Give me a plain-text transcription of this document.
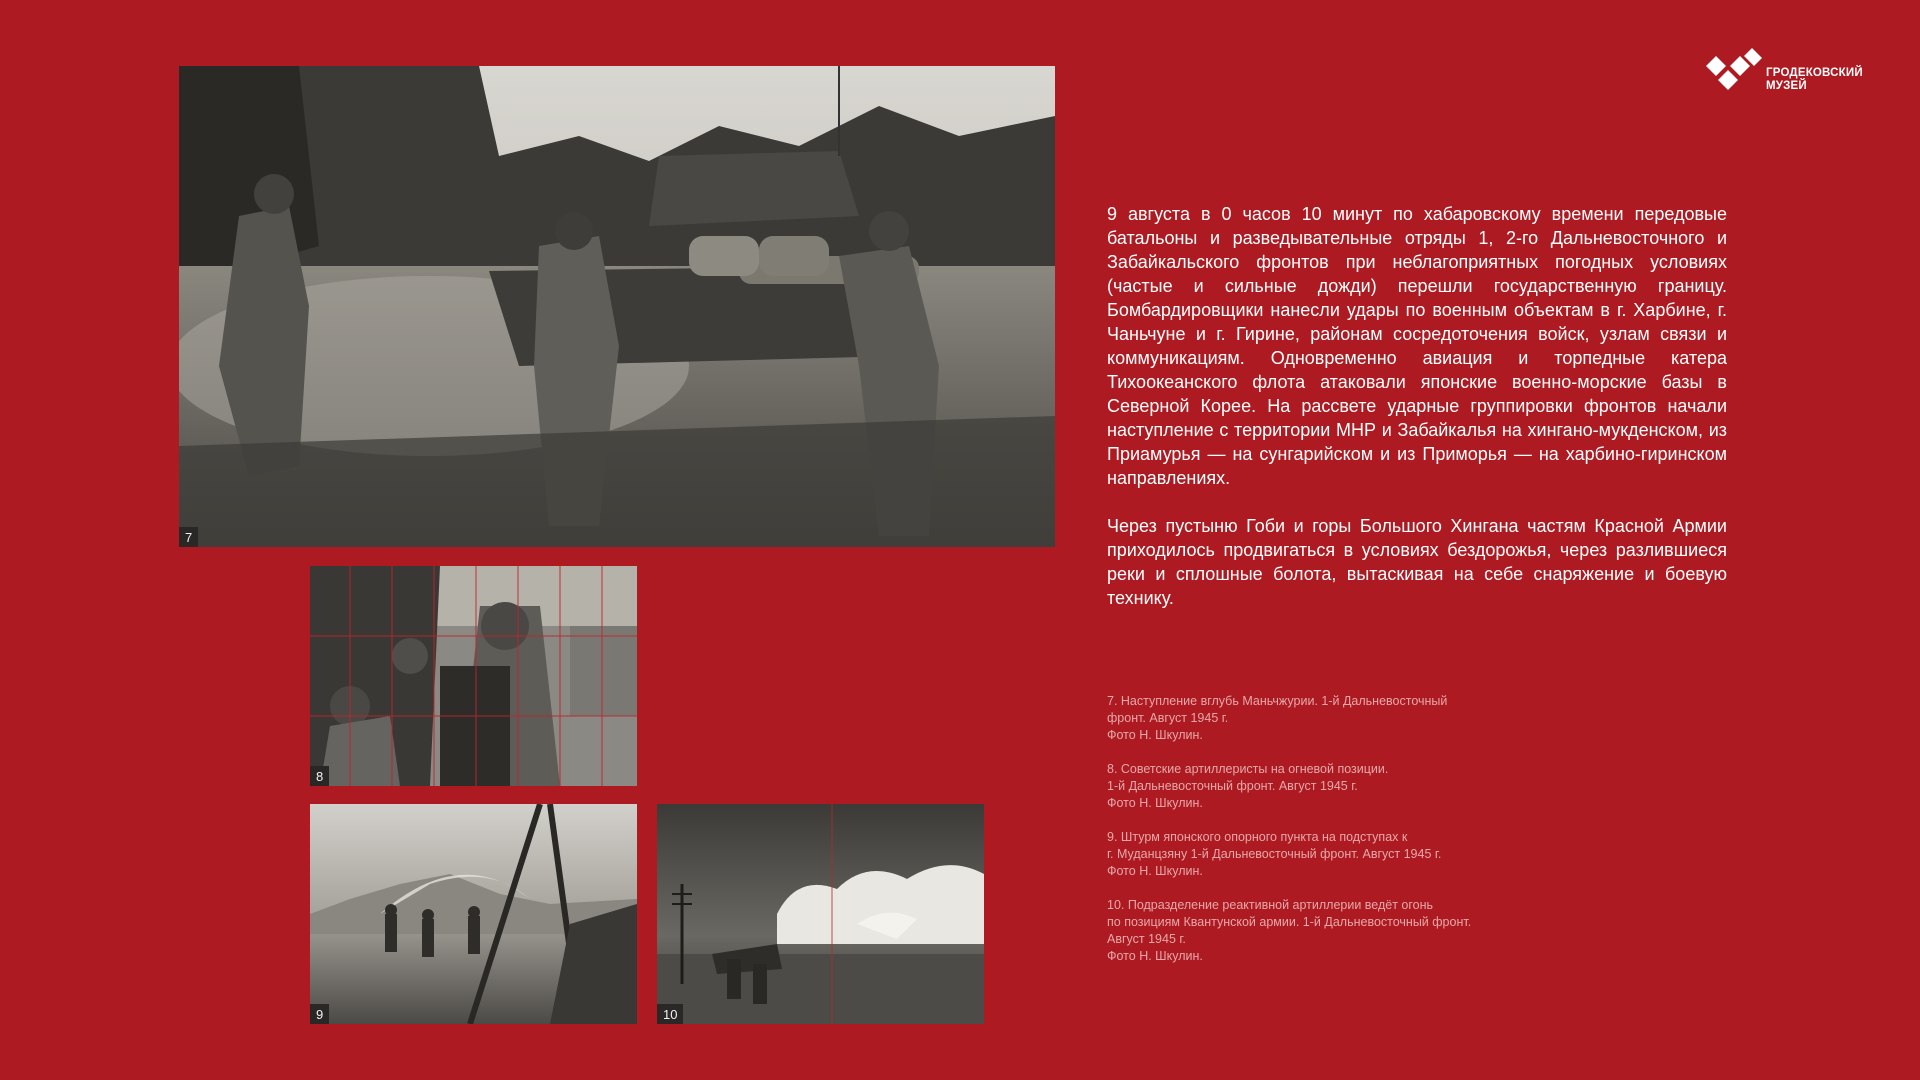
ГРОДЕКОВСКИЙ
МУЗЕЙ
7
8
9	10

9 августа в 0 часов 10 минут по хабаровскому времени передовые батальоны и разведывательные отряды 1, 2-го Дальневосточного и Забайкальского фронтов при неблагоприятных погодных условиях (частые и сильные дожди) перешли государственную границу. Бомбардировщики нанесли удары по военным объектам в г. Харбине, г. Чаньчуне и г. Гирине, районам сосредоточения войск, узлам связи и коммуникациям. Одновременно авиация и торпедные катера Тихоокеанского флота атаковали японские военно-морские базы в Северной Корее. На рассвете ударные группировки фронтов начали наступление с территории МНР и Забайкалья на хингано-мукденском, из Приамурья — на сунгарийском и из Приморья — на харбино-гиринском направлениях.

Через пустыню Гоби и горы Большого Хингана частям Красной Армии приходилось продвигаться в условиях бездорожья, через разлившиеся реки и сплошные болота, вытаскивая на себе снаряжение и боевую технику.

7. Наступление вглубь Маньчжурии. 1-й Дальневосточный
фронт. Август 1945 г.
Фото Н. Шкулин.
8. Советские артиллеристы на огневой позиции.
1-й Дальневосточный фронт. Август 1945 г.
Фото Н. Шкулин.
9. Штурм японского опорного пункта на подступах к
г. Муданцзяну 1-й Дальневосточный фронт. Август 1945 г.
Фото Н. Шкулин.
10. Подразделение реактивной артиллерии ведёт огонь
по позициям Квантунской армии. 1-й Дальневосточный фронт.
Август 1945 г.
Фото Н. Шкулин.
